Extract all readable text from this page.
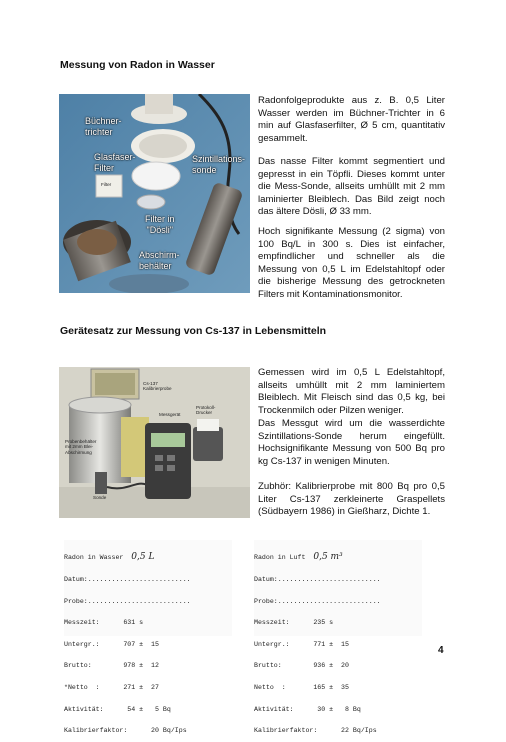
Messung von Radon in Wasser
Büchner-
trichter
Glasfaser-
Filter
Szintillations-
sonde
Filter in
"Dösli"
Abschirm-
behälter
Filter

Radonfolgeprodukte aus z. B. 0,5 Liter Wasser werden im Büchner-Trichter in 6 min auf Glasfaserfilter, Ø 5 cm, quantitativ gesammelt.

Das nasse Filter kommt segmentiert und gepresst in ein Töpfli. Dieses kommt unter die Mess-Sonde, allseits umhüllt mit 2 mm laminierter Bleiblech. Das Bild zeigt noch das ältere Dösli, Ø 33 mm.

Hoch signifikante Messung (2 sigma) von 100 Bq/L in 300 s. Dies ist einfacher, empfindlicher und schneller als die Messung von 0,5 L im Edelstahltopf oder die bisherige Messung des getrockneten Filters mit Kontaminationsmonitor.

Gerätesatz zur Messung von Cs-137 in Lebensmitteln
Cs-137
Kalibrierprobe
Messgerät
Protokoll-
Drucker
Probenbehälter
mit 2mm Blei-
Abschirmung
Sonde

Gemessen wird im 0,5 L Edelstahltopf, allseits umhüllt mit 2 mm laminiertem Bleiblech. Mit Fleisch sind das 0,5 kg, bei Trockenmilch oder Pilzen weniger.

Das Messgut wird um die wasserdichte Szintillations-Sonde herum eingefüllt. Hochsignifikante Messung von 500 Bq pro kg Cs-137 in wenigen Minuten.

Zubhör: Kalibrierprobe mit 800 Bq pro 0,5 Liter Cs-137 zerkleinerte Graspellets (Südbayern 1986) in Gießharz, Dichte 1.

Radon in Wasser 0,5 L

Datum:..........................

Probe:..........................

Messzeit:      631 s

Untergr.:      707 ±  15

Brutto:        978 ±  12

*Netto  :      271 ±  27

Aktivität:      54 ±   5 Bq

Kalibrierfaktor:      20 Bq/Ips

Radon in Luft 0,5 m³

Datum:..........................

Probe:..........................

Messzeit:      235 s

Untergr.:      771 ±  15

Brutto:        936 ±  20

Netto  :       165 ±  35

Aktivität:      30 ±   8 Bq

Kalibrierfaktor:      22 Bq/Ips

4
